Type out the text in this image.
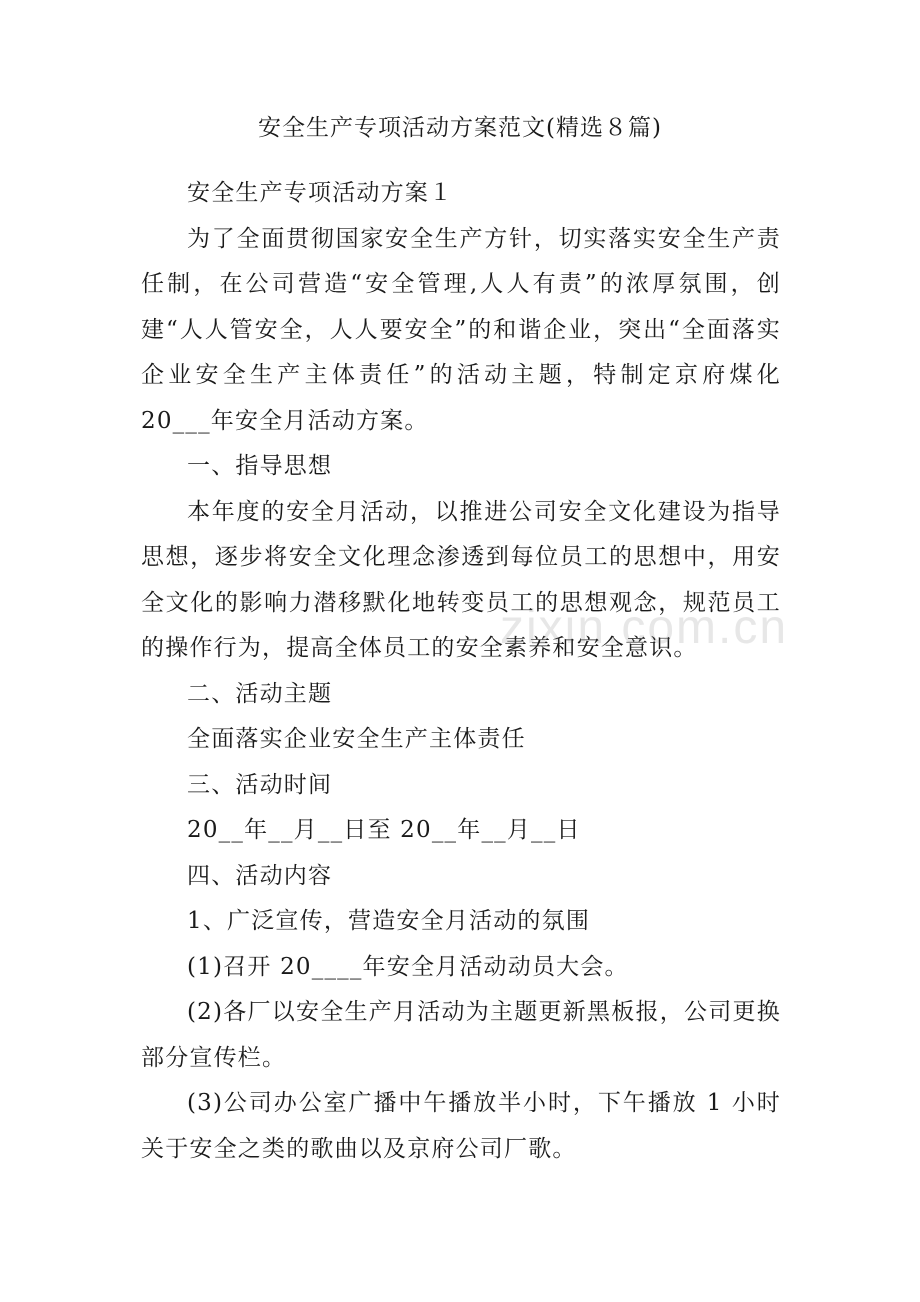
安全生产专项活动方案范文(精选８篇)

安全生产专项活动方案１

为了全面贯彻国家安全生产方针，切实落实安全生产责任制，在公司营造“安全管理,人人有责”的浓厚氛围，创建“人人管安全，人人要安全”的和谐企业，突出“全面落实企业安全生产主体责任”的活动主题，特制定京府煤化 20___年安全月活动方案。

一、指导思想

本年度的安全月活动，以推进公司安全文化建设为指导思想，逐步将安全文化理念渗透到每位员工的思想中，用安全文化的影响力潜移默化地转变员工的思想观念，规范员工的操作行为，提高全体员工的安全素养和安全意识。

二、活动主题

全面落实企业安全生产主体责任

三、活动时间

20__年__月__日至 20__年__月__日

四、活动内容

1、广泛宣传，营造安全月活动的氛围

(1)召开 20____年安全月活动动员大会。

(2)各厂以安全生产月活动为主题更新黑板报，公司更换部分宣传栏。

(3)公司办公室广播中午播放半小时，下午播放 1 小时关于安全之类的歌曲以及京府公司厂歌。

zixin.com.cn
